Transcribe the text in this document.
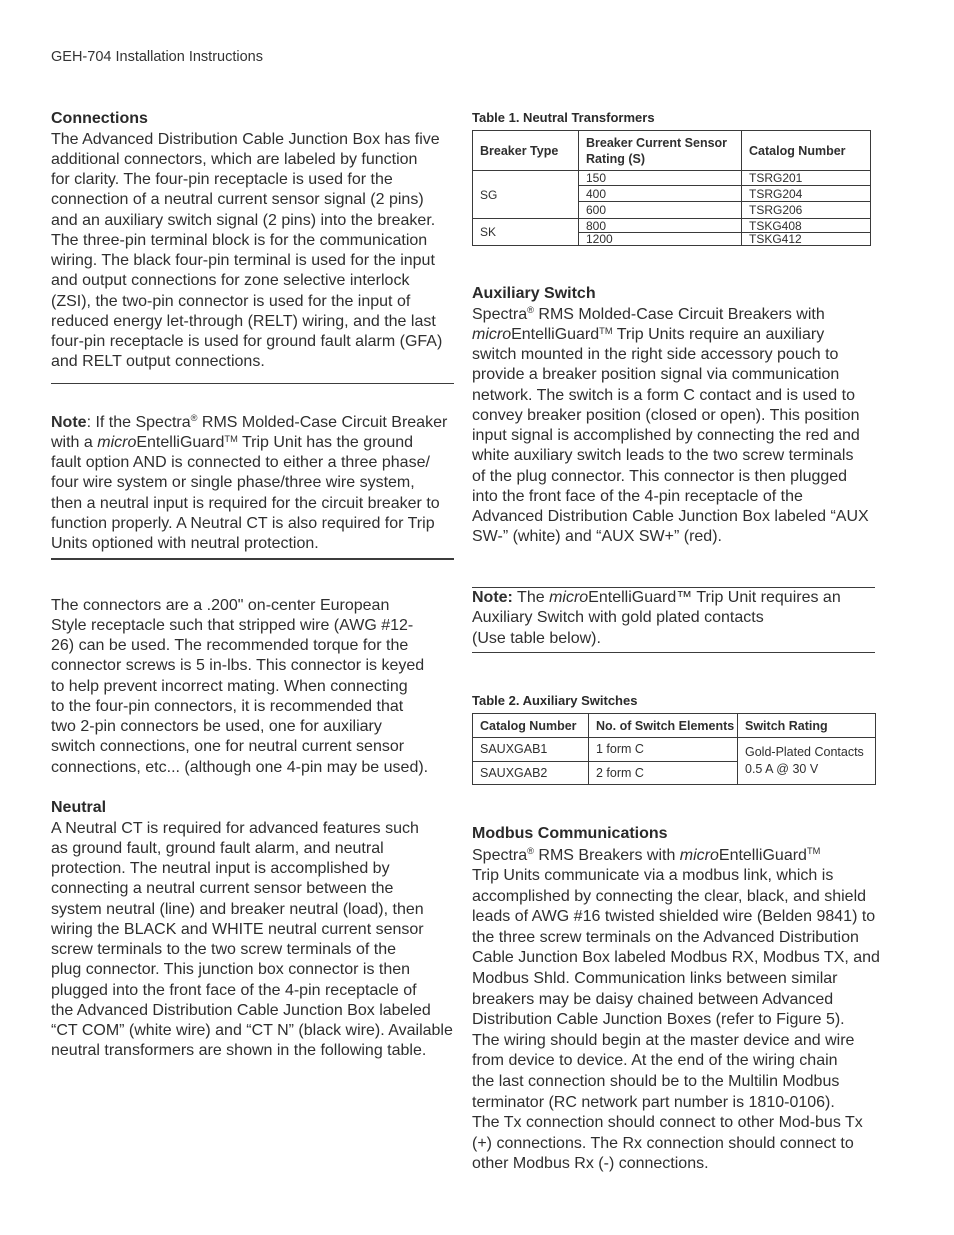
GEH-704 Installation Instructions
Connections
The Advanced Distribution Cable Junction Box has five
additional connectors, which are labeled by function
for clarity. The four-pin receptacle is used for the
connection of a neutral current sensor signal (2 pins)
and an auxiliary switch signal (2 pins) into the breaker.
The three-pin terminal block is for the communication
wiring. The black four-pin terminal is used for the input
and output connections for zone selective interlock
(ZSI), the two-pin connector is used for the input of
reduced energy let-through (RELT) wiring, and the last
four-pin receptacle is used for ground fault alarm (GFA)
and RELT output connections.
Note: If the Spectra® RMS Molded-Case Circuit Breaker
with a microEntelliGuard™ Trip Unit has the ground
fault option AND is connected to either a three phase/
four wire system or single phase/three wire system,
then a neutral input is required for the circuit breaker to
function properly. A Neutral CT is also required for Trip
Units optioned with neutral protection.
The connectors are a .200" on-center European
Style receptacle such that stripped wire (AWG #12-
26) can be used. The recommended torque for the
connector screws is 5 in-lbs. This connector is keyed
to help prevent incorrect mating. When connecting
to the four-pin connectors, it is recommended that
two 2-pin connectors be used, one for auxiliary
switch connections, one for neutral current sensor
connections, etc... (although one 4-pin may be used).
Neutral
A Neutral CT is required for advanced features such
as ground fault, ground fault alarm, and neutral
protection. The neutral input is accomplished by
connecting a neutral current sensor between the
system neutral (line) and breaker neutral (load), then
wiring the BLACK and WHITE neutral current sensor
screw terminals to the two screw terminals of the
plug connector. This junction box connector is then
plugged into the front face of the 4-pin receptacle of
the Advanced Distribution Cable Junction Box labeled
“CT COM” (white wire) and “CT N” (black wire). Available
neutral transformers are shown in the following table.
Table 1. Neutral Transformers
Breaker Type	Breaker Current Sensor
Rating (S)	Catalog Number
SG	150	TSRG201
	400	TSRG204
	600	TSRG206
SK	800	TSKG408
	1200	TSKG412
Auxiliary Switch
Spectra® RMS Molded-Case Circuit Breakers with
microEntelliGuard™ Trip Units require an auxiliary
switch mounted in the right side accessory pouch to
provide a breaker position signal via communication
network. The switch is a form C contact and is used to
convey breaker position (closed or open). This position
input signal is accomplished by connecting the red and
white auxiliary switch leads to the two screw terminals
of the plug connector. This connector is then plugged
into the front face of the 4-pin receptacle of the
Advanced Distribution Cable Junction Box labeled “AUX
SW-” (white) and “AUX SW+” (red).
Note: The microEntelliGuard™ Trip Unit requires an
Auxiliary Switch with gold plated contacts
(Use table below).
Table 2. Auxiliary Switches
Catalog Number	No. of Switch Elements	Switch Rating
SAUXGAB1	1 form C	Gold-Plated Contacts
0.5 A @ 30 V

SAUXGAB2	2 form C	
Modbus Communications
Spectra® RMS Breakers with microEntelliGuard™
Trip Units communicate via a modbus link, which is
accomplished by connecting the clear, black, and shield
leads of AWG #16 twisted shielded wire (Belden 9841) to
the three screw terminals on the Advanced Distribution
Cable Junction Box labeled Modbus RX, Modbus TX, and
Modbus Shld. Communication links between similar
breakers may be daisy chained between Advanced
Distribution Cable Junction Boxes (refer to Figure 5).
The wiring should begin at the master device and wire
from device to device. At the end of the wiring chain
the last connection should be to the Multilin Modbus
terminator (RC network part number is 1810-0106).
The Tx connection should connect to other Mod-bus Tx
(+) connections. The Rx connection should connect to
other Modbus Rx (-) connections.
